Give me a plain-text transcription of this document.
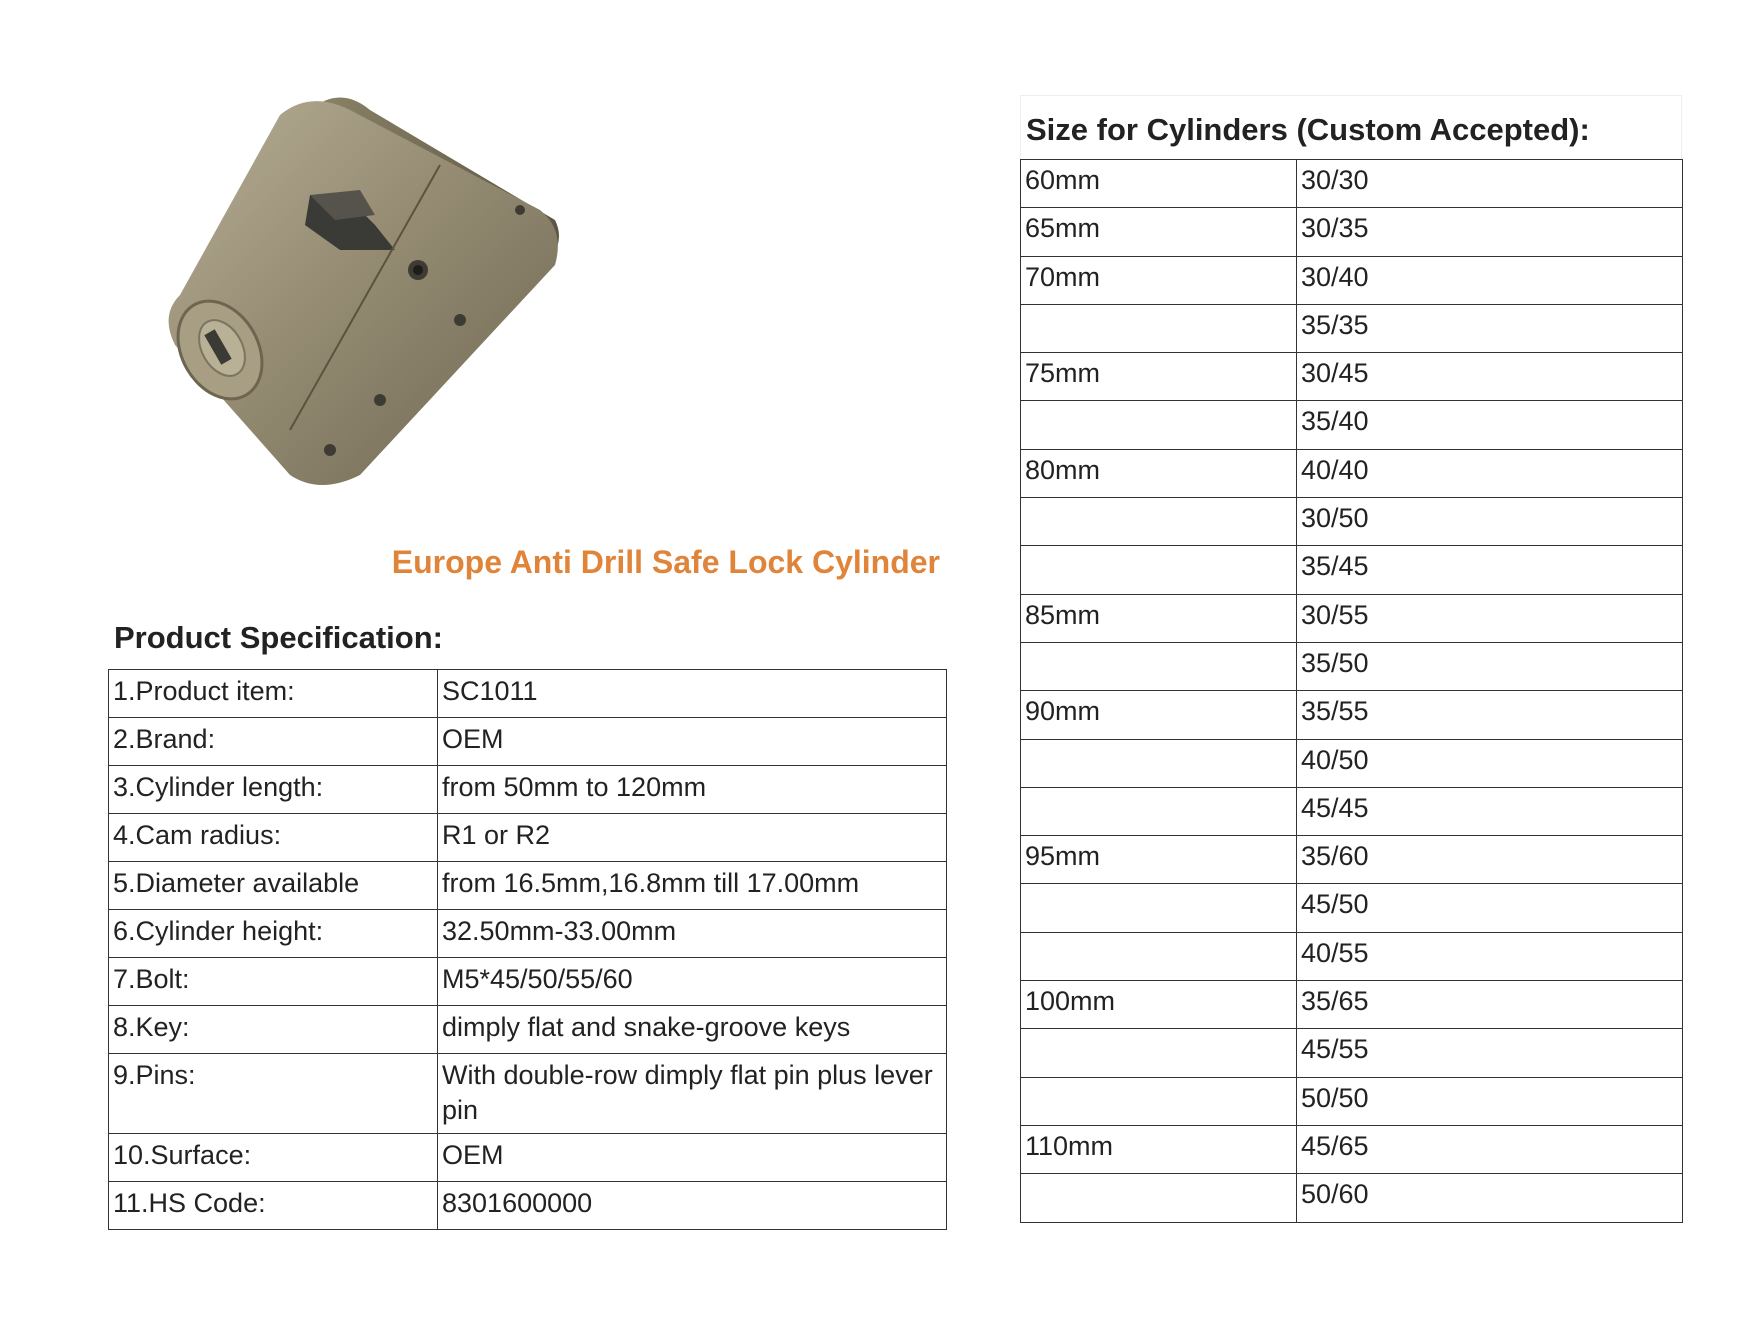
Europe Anti Drill Safe Lock Cylinder
Product Specification:
1.Product item:	SC1011
2.Brand:	OEM
3.Cylinder length:	from 50mm to 120mm
4.Cam radius:	R1 or R2
5.Diameter available	from 16.5mm,16.8mm till 17.00mm
6.Cylinder height:	32.50mm-33.00mm
7.Bolt:	M5*45/50/55/60
8.Key:	dimply flat and snake-groove keys
9.Pins:	With double-row dimply flat pin plus lever pin
10.Surface:	OEM
11.HS Code:	8301600000
Size for Cylinders (Custom Accepted):
60mm	30/30
65mm	30/35
70mm	30/40
	35/35
75mm	30/45
	35/40
80mm	40/40
	30/50
	35/45
85mm	30/55
	35/50
90mm	35/55
	40/50
	45/45
95mm	35/60
	45/50
	40/55
100mm	35/65
	45/55
	50/50
110mm	45/65
	50/60
